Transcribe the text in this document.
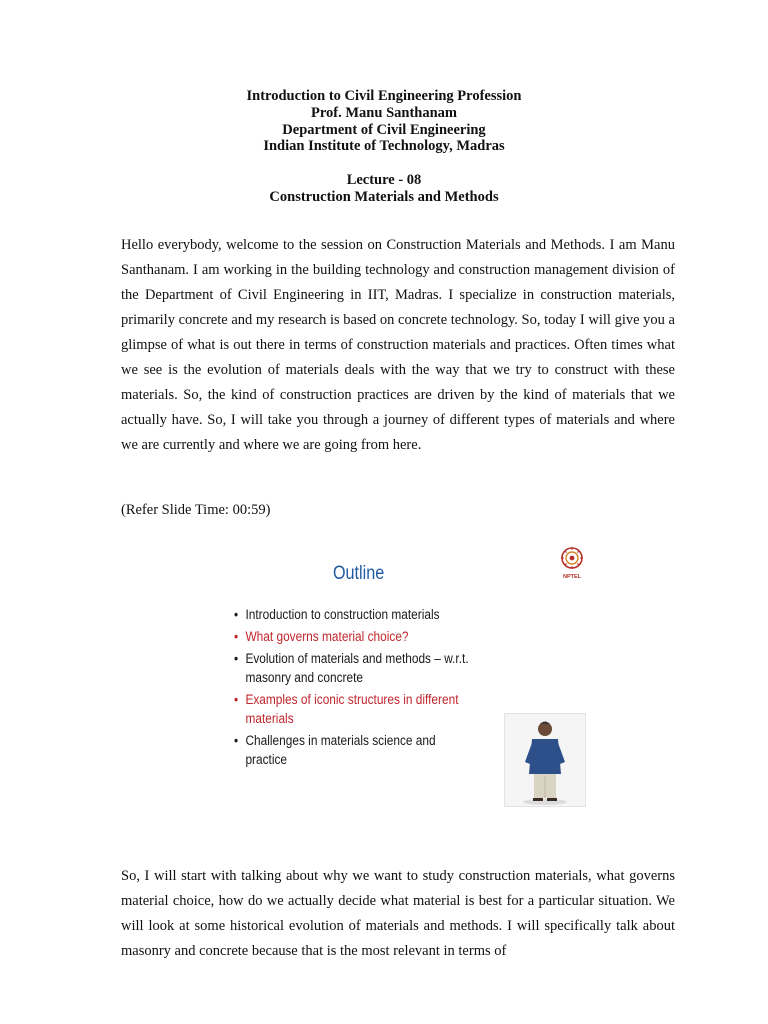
Introduction to Civil Engineering Profession
Prof. Manu Santhanam
Department of Civil Engineering
Indian Institute of Technology, Madras
Lecture - 08
Construction Materials and Methods

Hello everybody, welcome to the session on Construction Materials and Methods. I am Manu Santhanam. I am working in the building technology and construction management division of the Department of Civil Engineering in IIT, Madras. I specialize in construction materials, primarily concrete and my research is based on concrete technology. So, today I will give you a glimpse of what is out there in terms of construction materials and practices. Often times what we see is the evolution of materials deals with the way that we try to construct with these materials. So, the kind of construction practices are driven by the kind of materials that we actually have. So, I will take you through a journey of different types of materials and where we are currently and where we are going from here.

(Refer Slide Time: 00:59)
Outline	NPTEL
• Introduction to construction materials
• What governs material choice?
• Evolution of materials and methods – w.r.t.
masonry and concrete
• Examples of iconic structures in different
materials
• Challenges in materials science and
practice

So, I will start with talking about why we want to study construction materials, what governs material choice, how do we actually decide what material is best for a particular situation. We will look at some historical evolution of materials and methods. I will specifically talk about masonry and concrete because that is the most relevant in terms of
